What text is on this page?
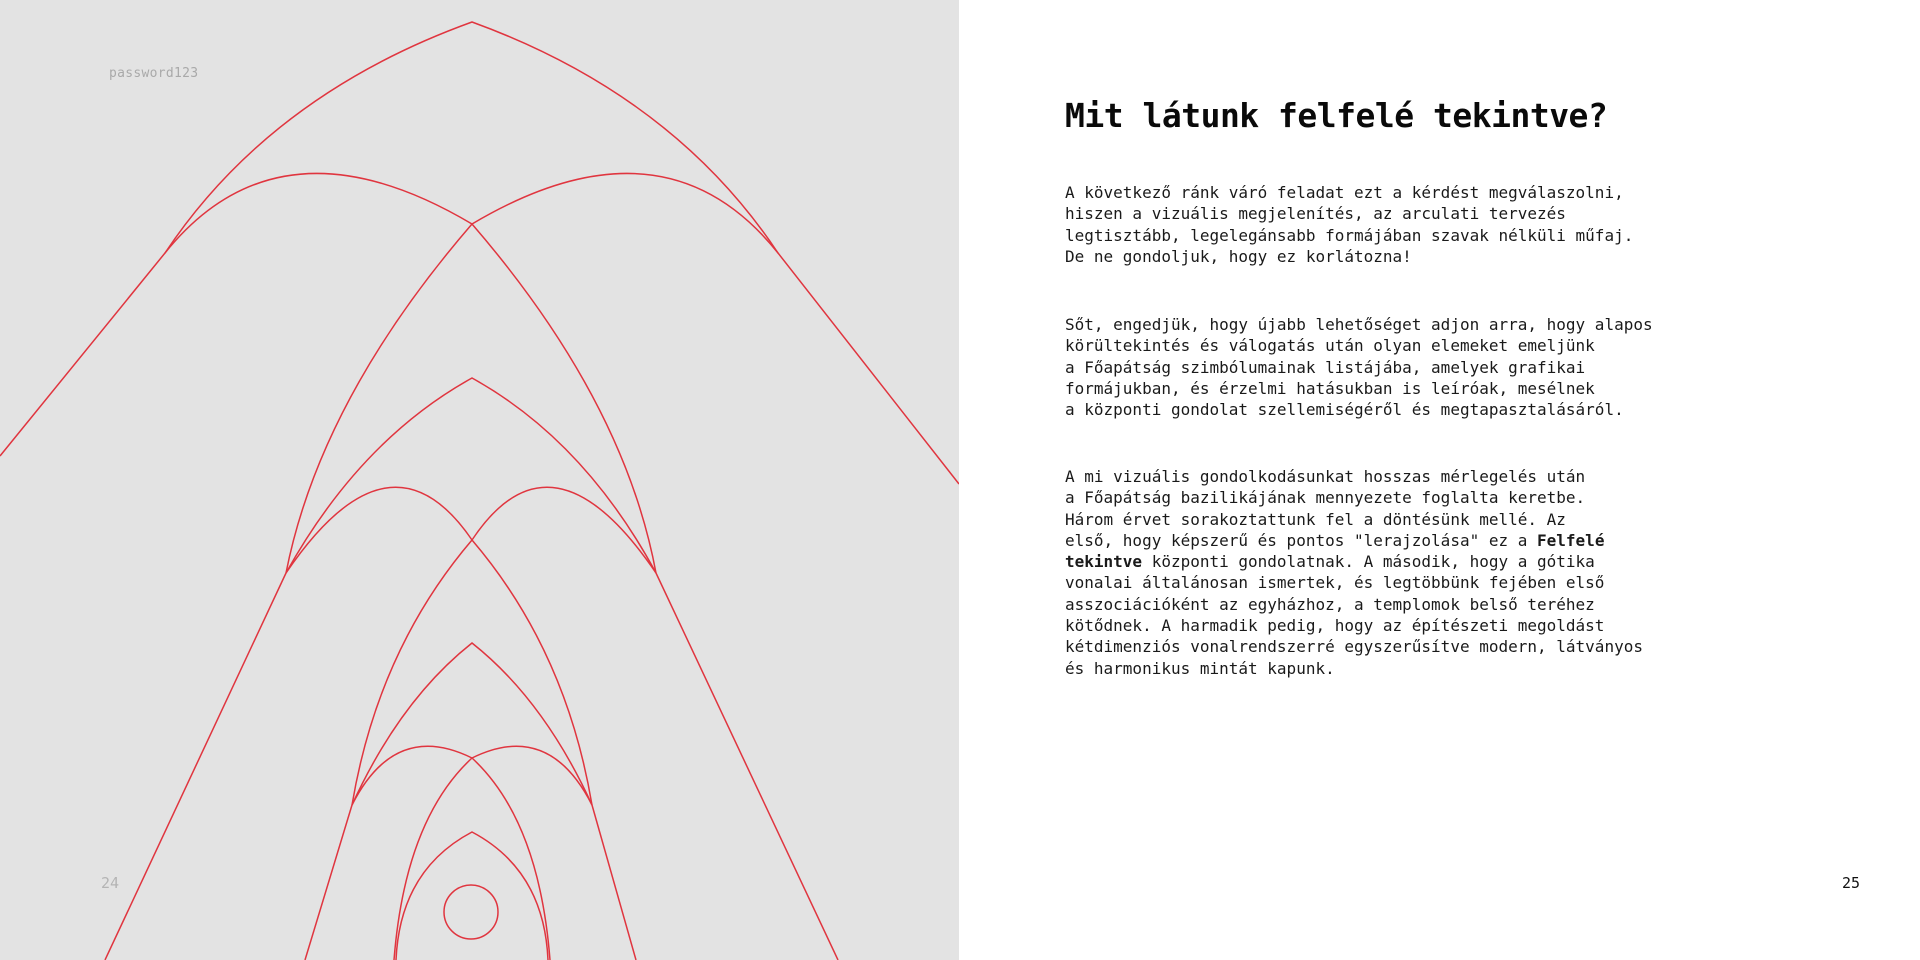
password123
24
Mit látunk felfelé tekintve?
A következő ránk váró feladat ezt a kérdést megválaszolni,
hiszen a vizuális megjelenítés, az arculati tervezés
legtisztább, legelegánsabb formájában szavak nélküli műfaj.
De ne gondoljuk, hogy ez korlátozna!
Sőt, engedjük, hogy újabb lehetőséget adjon arra, hogy alapos
körültekintés és válogatás után olyan elemeket emeljünk
a Főapátság szimbólumainak listájába, amelyek grafikai
formájukban, és érzelmi hatásukban is leíróak, mesélnek
a központi gondolat szellemiségéről és megtapasztalásáról.
A mi vizuális gondolkodásunkat hosszas mérlegelés után
a Főapátság bazilikájának mennyezete foglalta keretbe.
Három érvet sorakoztattunk fel a döntésünk mellé. Az
első, hogy képszerű és pontos "lerajzolása" ez a Felfelé
tekintve központi gondolatnak. A második, hogy a gótika
vonalai általánosan ismertek, és legtöbbünk fejében első
asszociációként az egyházhoz, a templomok belső teréhez
kötődnek. A harmadik pedig, hogy az építészeti megoldást
kétdimenziós vonalrendszerré egyszerűsítve modern, látványos
és harmonikus mintát kapunk.
25
